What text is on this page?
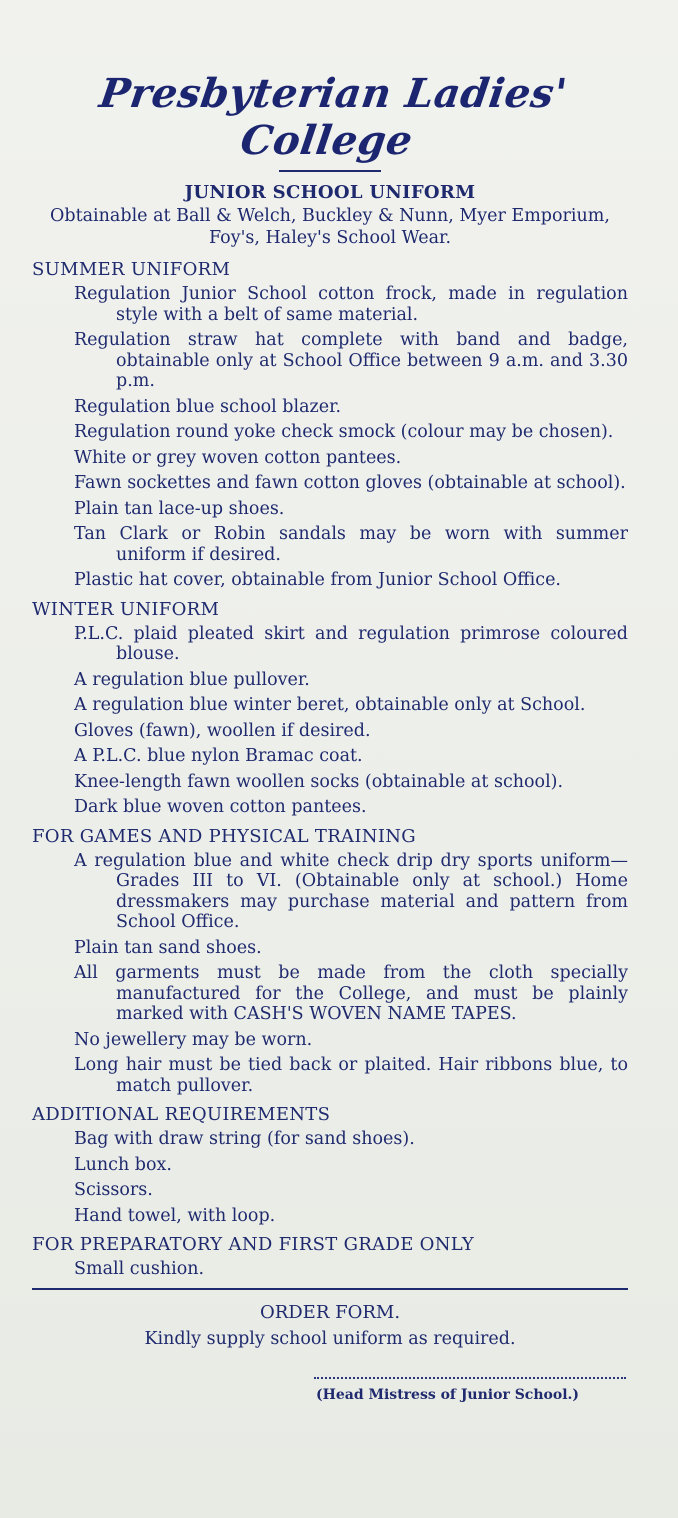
Presbyterian Ladies' College

JUNIOR SCHOOL UNIFORM

Obtainable at Ball & Welch, Buckley & Nunn, Myer Emporium, Foy's, Haley's School Wear.

SUMMER UNIFORM
Regulation Junior School cotton frock, made in regulation style with a belt of same material.
Regulation straw hat complete with band and badge, obtainable only at School Office between 9 a.m. and 3.30 p.m.
Regulation blue school blazer.
Regulation round yoke check smock (colour may be chosen).
White or grey woven cotton pantees.
Fawn sockettes and fawn cotton gloves (obtainable at school).
Plain tan lace-up shoes.
Tan Clark or Robin sandals may be worn with summer uniform if desired.
Plastic hat cover, obtainable from Junior School Office.
WINTER UNIFORM
P.L.C. plaid pleated skirt and regulation primrose coloured blouse.
A regulation blue pullover.
A regulation blue winter beret, obtainable only at School.
Gloves (fawn), woollen if desired.
A P.L.C. blue nylon Bramac coat.
Knee-length fawn woollen socks (obtainable at school).
Dark blue woven cotton pantees.
FOR GAMES AND PHYSICAL TRAINING
A regulation blue and white check drip dry sports uniform—Grades III to VI. (Obtainable only at school.) Home dressmakers may purchase material and pattern from School Office.
Plain tan sand shoes.
All garments must be made from the cloth specially manufactured for the College, and must be plainly marked with CASH'S WOVEN NAME TAPES.
No jewellery may be worn.
Long hair must be tied back or plaited. Hair ribbons blue, to match pullover.
ADDITIONAL REQUIREMENTS
Bag with draw string (for sand shoes).
Lunch box.
Scissors.
Hand towel, with loop.
FOR PREPARATORY AND FIRST GRADE ONLY
Small cushion.
ORDER FORM.
Kindly supply school uniform as required.
(Head Mistress of Junior School.)
